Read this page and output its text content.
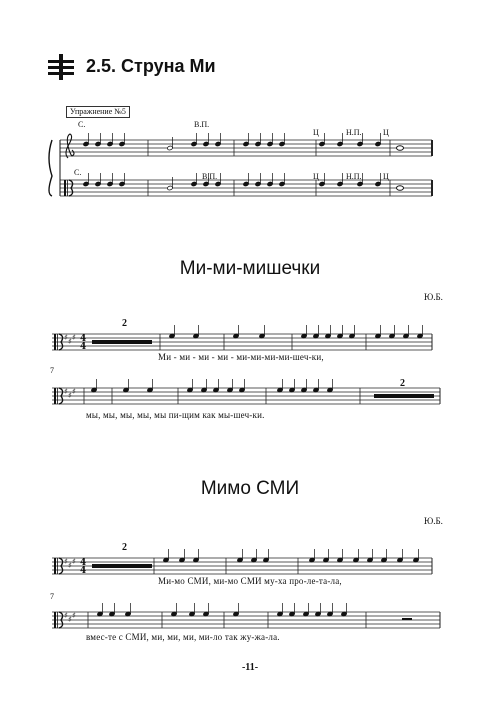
♯ ♯ ♯ 4
4
♯ ♯ ♯
♯ ♯ ♯ 4
4
♯ ♯ ♯
2.5. Струна Ми
Упражнение №5
С.	В.П.
Ц	Н.П.	Ц
С.	В.П.	Ц	Н.П.	Ц
Ми-ми-мишечки
Ю.Б.
2
Ми - ми - ми - ми - ми-ми-ми-ми-шеч-ки,
7
2
мы, мы, мы, мы, мы пи-щим как мы-шеч-ки.
Мимо СМИ
Ю.Б.
2
Ми-мо СМИ, ми-мо СМИ му-ха про-ле-та-ла,
7
вмес-те с СМИ, ми, ми, ми, ми-ло так жу-жа-ла.
-11-
